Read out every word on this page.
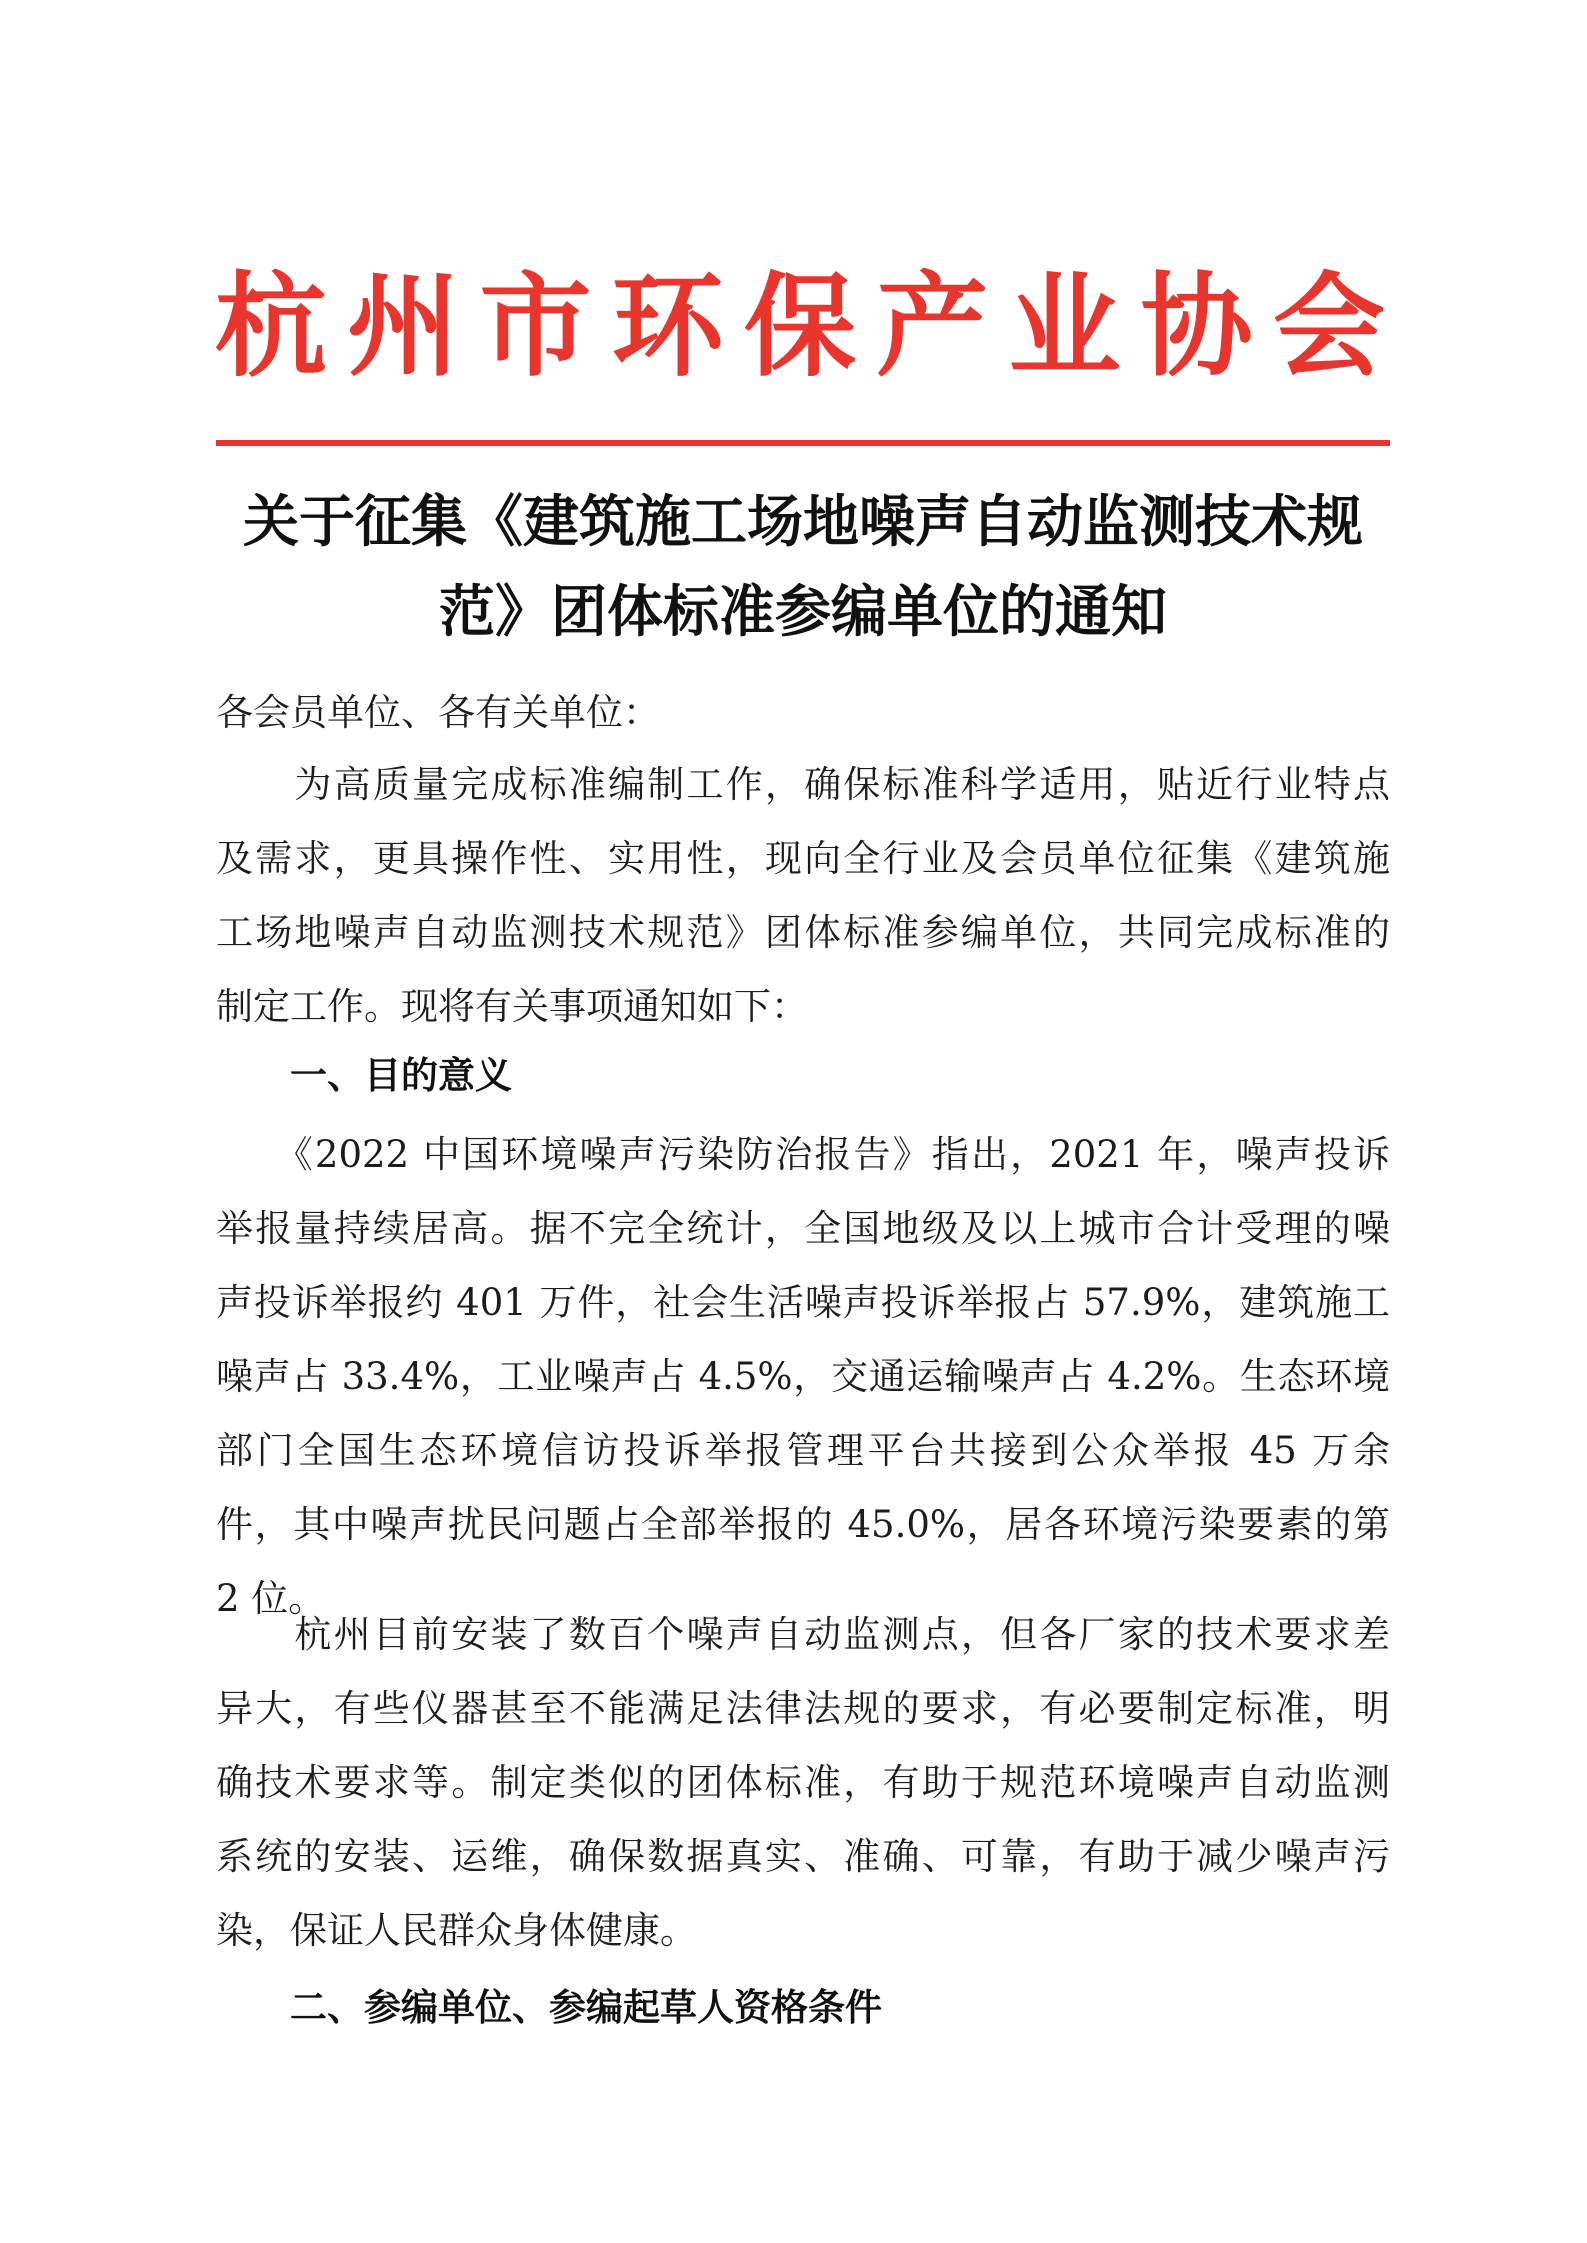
杭 州 市 环 保 产 业 协 会
关于征集《建筑施工场地噪声自动监测技术规
范》团体标准参编单位的通知
各会员单位、各有关单位：
　　为高质量完成标准编制工作，确保标准科学适用，贴近行业特点
及需求，更具操作性、实用性，现向全行业及会员单位征集《建筑施
工场地噪声自动监测技术规范》团体标准参编单位，共同完成标准的
制定工作。现将有关事项通知如下：
一、目的意义
　　《2022 中国环境噪声污染防治报告》指出，2021 年，噪声投诉
举报量持续居高。据不完全统计，全国地级及以上城市合计受理的噪
声投诉举报约 401 万件，社会生活噪声投诉举报占 57.9%，建筑施工
噪声占 33.4%，工业噪声占 4.5%，交通运输噪声占 4.2%。生态环境
部门全国生态环境信访投诉举报管理平台共接到公众举报 45 万余
件，其中噪声扰民问题占全部举报的 45.0%，居各环境污染要素的第
2 位。
　　杭州目前安装了数百个噪声自动监测点，但各厂家的技术要求差
异大，有些仪器甚至不能满足法律法规的要求，有必要制定标准，明
确技术要求等。制定类似的团体标准，有助于规范环境噪声自动监测
系统的安装、运维，确保数据真实、准确、可靠，有助于减少噪声污
染，保证人民群众身体健康。
二、参编单位、参编起草人资格条件
